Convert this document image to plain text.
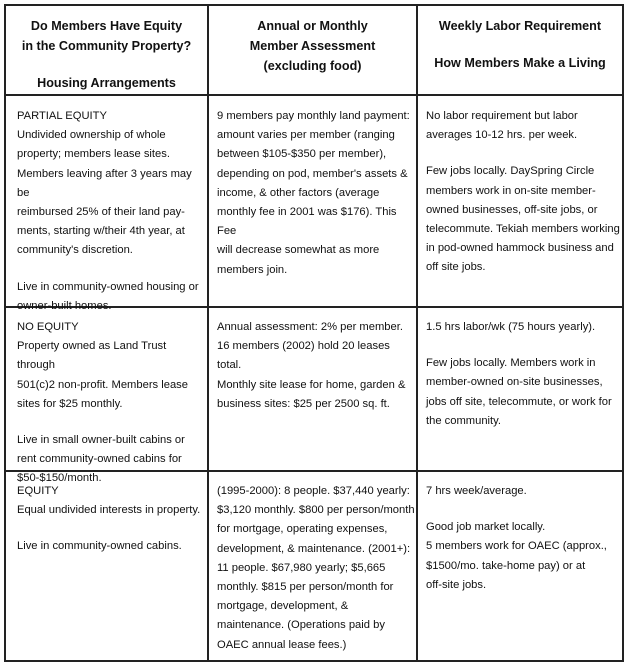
Do Members Have Equity
in the Community Property?
Housing Arrangements
Annual or Monthly
Member Assessment
(excluding food)
Weekly Labor Requirement
How Members Make a Living

PARTIAL EQUITY

Undivided ownership of whole

property; members lease sites.

Members leaving after 3 years may be

reimbursed 25% of their land pay-

ments, starting w/their 4th year, at

community's discretion.

Live in community-owned housing or

owner-built homes.

9 members pay monthly land payment:

amount varies per member (ranging

between $105-$350 per member),

depending on pod, member's assets &

income, & other factors (average

monthly fee in 2001 was $176). This Fee

will decrease somewhat as more

members join.

No labor requirement but labor

averages 10-12 hrs. per week.

Few jobs locally. DaySpring Circle

members work in on-site member-

owned businesses, off-site jobs, or

telecommute. Tekiah members working

in pod-owned hammock business and

off site jobs.

NO EQUITY

Property owned as Land Trust through

501(c)2 non-profit. Members lease

sites for $25 monthly.

Live in small owner-built cabins or

rent community-owned cabins for

$50-$150/month.

Annual assessment: 2% per member.

16 members (2002) hold 20 leases total.

Monthly site lease for home, garden &

business sites: $25 per 2500 sq. ft.

1.5 hrs labor/wk (75 hours yearly).

Few jobs locally. Members work in

member-owned on-site businesses,

jobs off site, telecommute, or work for

the community.

EQUITY

Equal undivided interests in property.

Live in community-owned cabins.

(1995-2000): 8 people. $37,440 yearly:

$3,120 monthly. $800 per person/month

for mortgage, operating expenses,

development, & maintenance. (2001+):

11 people. $67,980 yearly; $5,665

monthly. $815 per person/month for

mortgage, development, &

maintenance. (Operations paid by

OAEC annual lease fees.)

7 hrs week/average.

Good job market locally.

5 members work for OAEC (approx.,

$1500/mo. take-home pay) or at

off-site jobs.
